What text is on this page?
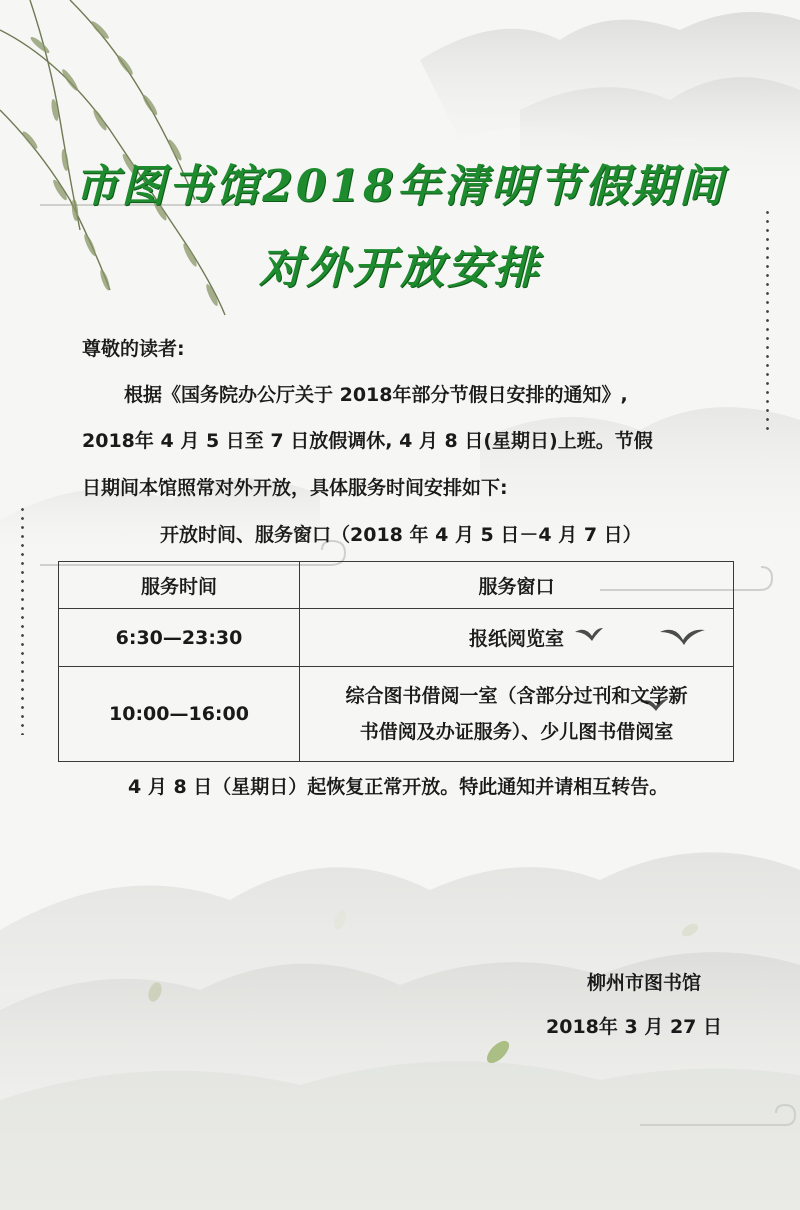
市图书馆2018年清明节假期间
对外开放安排
尊敬的读者:
根据《国务院办公厅关于 2018年部分节假日安排的通知》,
2018年 4 月 5 日至 7 日放假调休, 4 月 8 日(星期日)上班。节假
日期间本馆照常对外开放，具体服务时间安排如下:
开放时间、服务窗口（2018 年 4 月 5 日－4 月 7 日）
服务时间	服务窗口
6:30—23:30	报纸阅览室
10:00—16:00	综合图书借阅一室（含部分过刊和文学新
书借阅及办证服务）、少儿图书借阅室
4 月 8 日（星期日）起恢复正常开放。特此通知并请相互转告。
柳州市图书馆
2018年 3 月 27 日
